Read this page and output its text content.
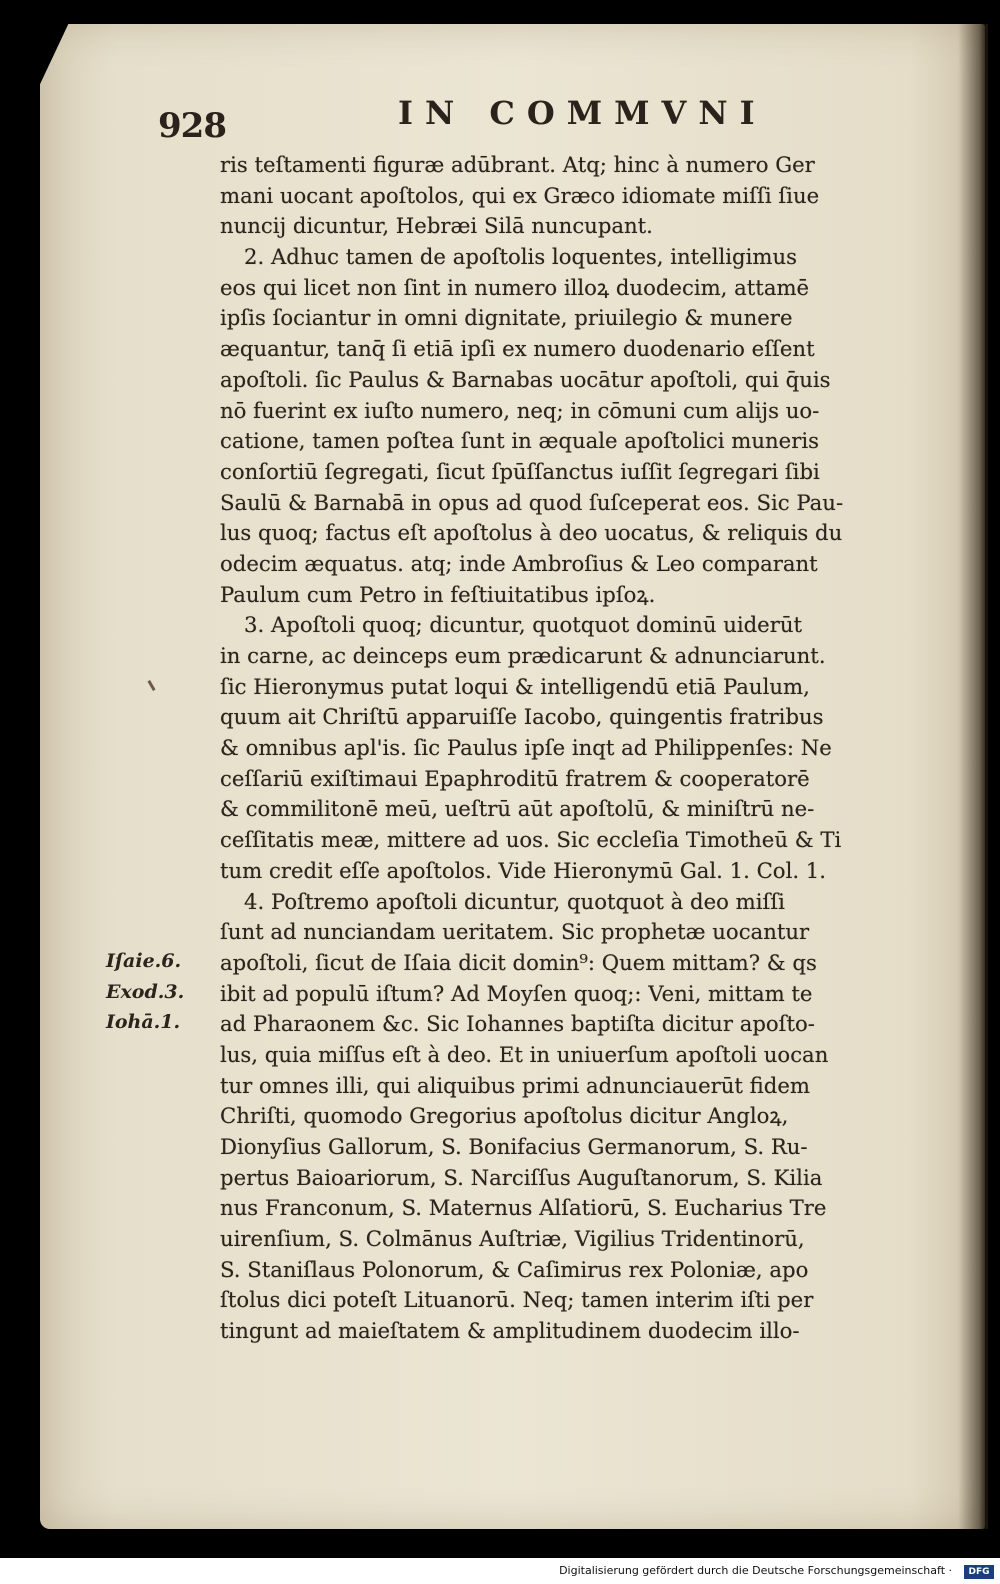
928	IN COMMVNI
ris teſtamenti figuræ adūbrant. Atq; hinc à numero Ger
mani uocant apoſtolos, qui ex Græco idiomate miſſi ſiue
nuncij dicuntur, Hebræi Silā nuncupant.
2. Adhuc tamen de apoſtolis loquentes, intelligimus
eos qui licet non ſint in numero illoꝝ duodecim, attamē
ipſis ſociantur in omni dignitate, priuilegio & munere
æquantur, tanq̄ ſi etiā ipſi ex numero duodenario eſſent
apoſtoli. ſic Paulus & Barnabas uocātur apoſtoli, qui q̄uis
nō fuerint ex iuſto numero, neq; in cōmuni cum alijs uo-
catione, tamen poſtea ſunt in æquale apoſtolici muneris
conſortiū ſegregati, ſicut ſpūſſanctus iuſſit ſegregari ſibi
Saulū & Barnabā in opus ad quod ſuſceperat eos. Sic Pau-
lus quoq; factus eſt apoſtolus à deo uocatus, & reliquis du
odecim æquatus. atq; inde Ambroſius & Leo comparant
Paulum cum Petro in feſtiuitatibus ipſoꝝ.
3. Apoſtoli quoq; dicuntur, quotquot dominū uiderūt
in carne, ac deinceps eum prædicarunt & adnunciarunt.
ſic Hieronymus putat loqui & intelligendū etiā Paulum,
quum ait Chriſtū apparuiſſe Iacobo, quingentis fratribus
& omnibus apl'is. ſic Paulus ipſe inqt ad Philippenſes: Ne
ceſſariū exiſtimaui Epaphroditū fratrem & cooperatorē
& commilitonē meū, ueſtrū aūt apoſtolū, & miniſtrū ne-
ceſſitatis meæ, mittere ad uos. Sic eccleſia Timotheū & Ti
tum credit eſſe apoſtolos. Vide Hieronymū Gal. 1. Col. 1.
4. Poſtremo apoſtoli dicuntur, quotquot à deo miſſi
ſunt ad nunciandam ueritatem. Sic prophetæ uocantur
apoſtoli, ſicut de Iſaia dicit domin⁹: Quem mittam? & qs
ibit ad populū iſtum? Ad Moyſen quoq;: Veni, mittam te
ad Pharaonem &c. Sic Iohannes baptiſta dicitur apoſto-
lus, quia miſſus eſt à deo. Et in uniuerſum apoſtoli uocan
tur omnes illi, qui aliquibus primi adnunciauerūt fidem
Chriſti, quomodo Gregorius apoſtolus dicitur Angloꝝ,
Dionyſius Gallorum, S. Bonifacius Germanorum, S. Ru-
pertus Baioariorum, S. Narciſſus Auguſtanorum, S. Kilia
nus Franconum, S. Maternus Alſatiorū, S. Eucharius Tre
uirenſium, S. Colmānus Auſtriæ, Vigilius Tridentinorū,
S. Staniſlaus Polonorum, & Caſimirus rex Poloniæ, apo
ſtolus dici poteſt Lituanorū. Neq; tamen interim iſti per
tingunt ad maieſtatem & amplitudinem duodecim illo-
Iſaie.6.
Exod.3.
Iohā.1.
Digitalisierung gefördert durch die Deutsche Forschungsgemeinschaft ·	DFG
